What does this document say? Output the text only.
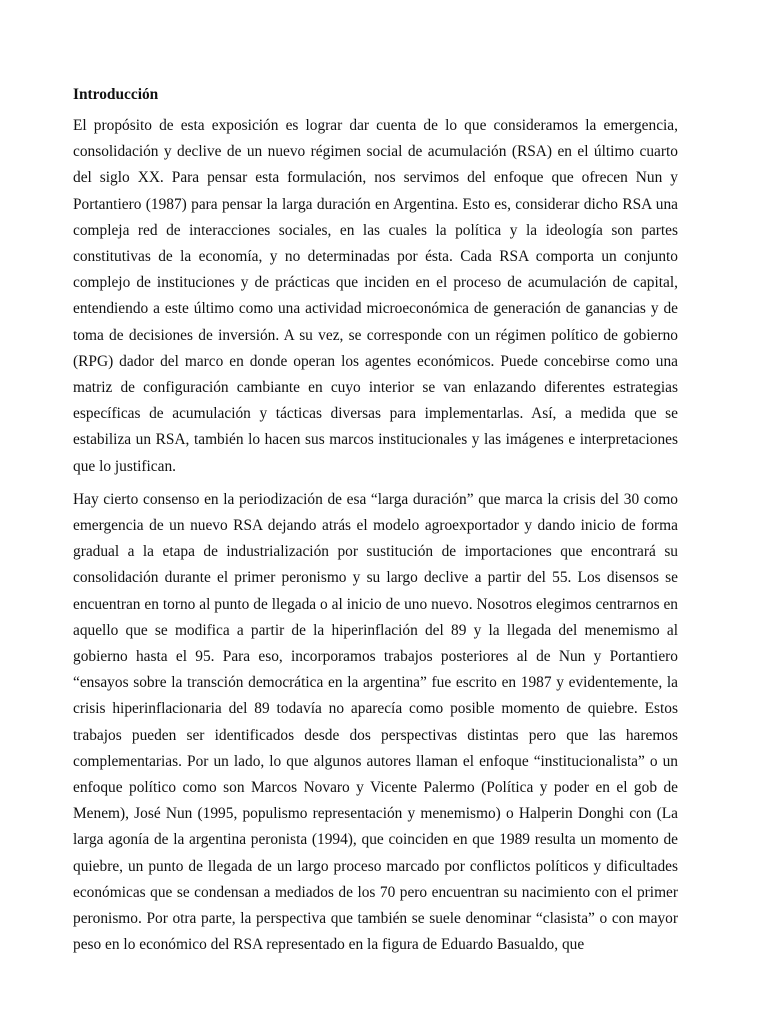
Introducción

El propósito de esta exposición es lograr dar cuenta de lo que consideramos la emergencia, consolidación y declive de un nuevo régimen social de acumulación (RSA) en el último cuarto del siglo XX. Para pensar esta formulación, nos servimos del enfoque que ofrecen Nun y Portantiero (1987) para pensar la larga duración en Argentina. Esto es, considerar dicho RSA una compleja red de interacciones sociales, en las cuales la política y la ideología son partes constitutivas de la economía, y no determinadas por ésta. Cada RSA comporta un conjunto complejo de instituciones y de prácticas que inciden en el proceso de acumulación de capital, entendiendo a este último como una actividad microeconómica de generación de ganancias y de toma de decisiones de inversión. A su vez, se corresponde con un régimen político de gobierno (RPG) dador del marco en donde operan los agentes económicos. Puede concebirse como una matriz de configuración cambiante en cuyo interior se van enlazando diferentes estrategias específicas de acumulación y tácticas diversas para implementarlas. Así, a medida que se estabiliza un RSA, también lo hacen sus marcos institucionales y las imágenes e interpretaciones que lo justifican.

Hay cierto consenso en la periodización de esa “larga duración” que marca la crisis del 30 como emergencia de un nuevo RSA dejando atrás el modelo agroexportador y dando inicio de forma gradual a la etapa de industrialización por sustitución de importaciones que encontrará su consolidación durante el primer peronismo y su largo declive a partir del 55. Los disensos se encuentran en torno al punto de llegada o al inicio de uno nuevo. Nosotros elegimos centrarnos en aquello que se modifica a partir de la hiperinflación del 89 y la llegada del menemismo al gobierno hasta el 95. Para eso, incorporamos trabajos posteriores al de Nun y Portantiero “ensayos sobre la transción democrática en la argentina” fue escrito en 1987 y evidentemente, la crisis hiperinflacionaria del 89 todavía no aparecía como posible momento de quiebre. Estos trabajos pueden ser identificados desde dos perspectivas distintas pero que las haremos complementarias. Por un lado, lo que algunos autores llaman el enfoque “institucionalista” o un enfoque político como son Marcos Novaro y Vicente Palermo (Política y poder en el gob de Menem), José Nun (1995, populismo representación y menemismo) o Halperin Donghi con (La larga agonía de la argentina peronista (1994), que coinciden en que 1989 resulta un momento de quiebre, un punto de llegada de un largo proceso marcado por conflictos políticos y dificultades económicas que se condensan a mediados de los 70 pero encuentran su nacimiento con el primer peronismo. Por otra parte, la perspectiva que también se suele denominar “clasista” o con mayor peso en lo económico del RSA representado en la figura de Eduardo Basualdo, que
